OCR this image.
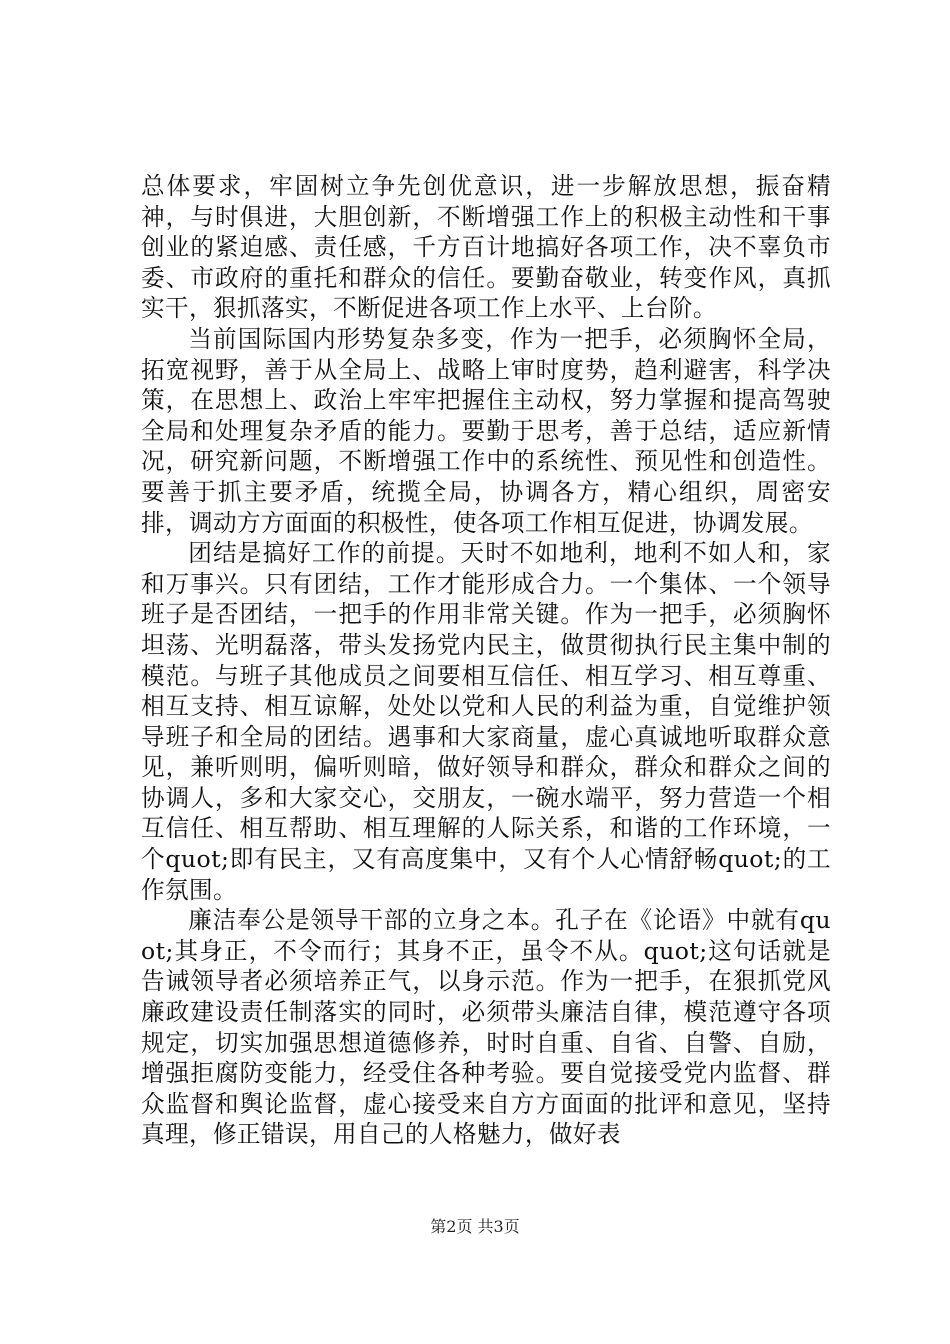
总体要求，牢固树立争先创优意识，进一步解放思想，振奋精神，与时俱进，大胆创新，不断增强工作上的积极主动性和干事创业的紧迫感、责任感，千方百计地搞好各项工作，决不辜负市委、市政府的重托和群众的信任。要勤奋敬业，转变作风，真抓实干，狠抓落实，不断促进各项工作上水平、上台阶。

当前国际国内形势复杂多变，作为一把手，必须胸怀全局，拓宽视野，善于从全局上、战略上审时度势，趋利避害，科学决策，在思想上、政治上牢牢把握住主动权，努力掌握和提高驾驶全局和处理复杂矛盾的能力。要勤于思考，善于总结，适应新情况，研究新问题，不断增强工作中的系统性、预见性和创造性。要善于抓主要矛盾，统揽全局，协调各方，精心组织，周密安排，调动方方面面的积极性，使各项工作相互促进，协调发展。

团结是搞好工作的前提。天时不如地利，地利不如人和，家和万事兴。只有团结，工作才能形成合力。一个集体、一个领导班子是否团结，一把手的作用非常关键。作为一把手，必须胸怀坦荡、光明磊落，带头发扬党内民主，做贯彻执行民主集中制的模范。与班子其他成员之间要相互信任、相互学习、相互尊重、相互支持、相互谅解，处处以党和人民的利益为重，自觉维护领导班子和全局的团结。遇事和大家商量，虚心真诚地听取群众意见，兼听则明，偏听则暗，做好领导和群众，群众和群众之间的协调人，多和大家交心，交朋友，一碗水端平，努力营造一个相互信任、相互帮助、相互理解的人际关系，和谐的工作环境，一个quot;即有民主，又有高度集中，又有个人心情舒畅quot;的工作氛围。

廉洁奉公是领导干部的立身之本。孔子在《论语》中就有quot;其身正，不令而行；其身不正，虽令不从。quot;这句话就是告诫领导者必须培养正气，以身示范。作为一把手，在狠抓党风廉政建设责任制落实的同时，必须带头廉洁自律，模范遵守各项规定，切实加强思想道德修养，时时自重、自省、自警、自励，增强拒腐防变能力，经受住各种考验。要自觉接受党内监督、群众监督和舆论监督，虚心接受来自方方面面的批评和意见，坚持真理，修正错误，用自己的人格魅力，做好表

第2页 共3页
